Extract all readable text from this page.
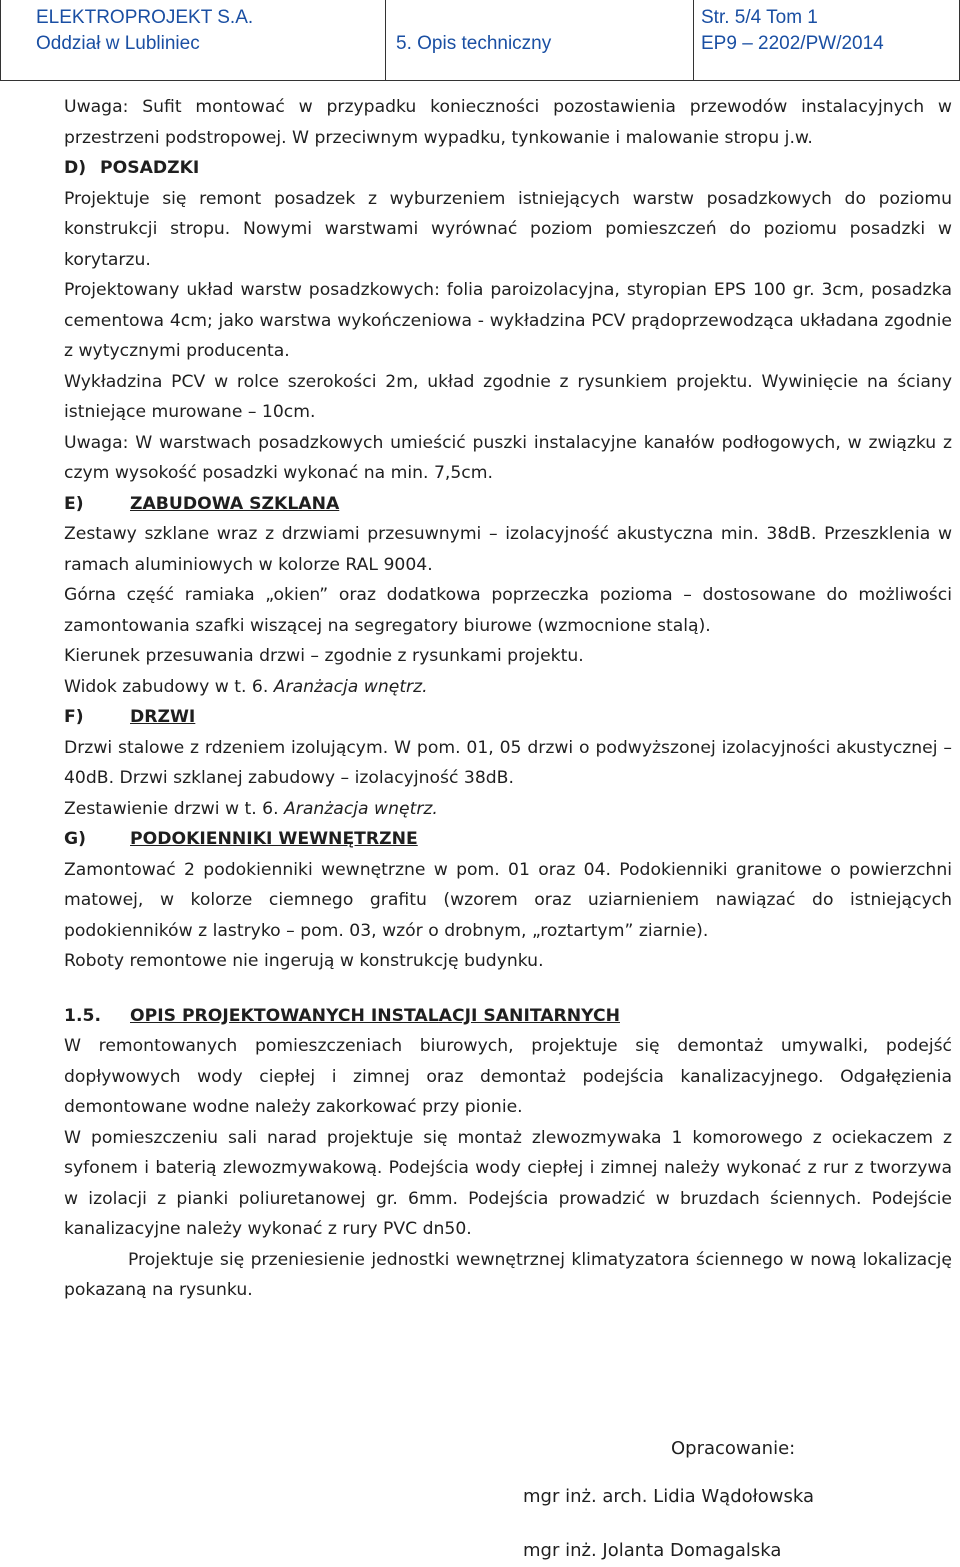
ELEKTROPROJEKT S.A.
Oddział w Lubliniec	5. Opis techniczny
Str. 5/4 Tom 1
EP9 – 2202/PW/2014

Uwaga: Sufit montować w przypadku konieczności pozostawienia przewodów instalacyjnych w przestrzeni podstropowej. W przeciwnym wypadku, tynkowanie i malowanie stropu j.w.

D) POSADZKI

Projektuje się remont posadzek z wyburzeniem istniejących warstw posadzkowych do poziomu konstrukcji stropu. Nowymi warstwami wyrównać poziom pomieszczeń do poziomu posadzki w korytarzu.

Projektowany układ warstw posadzkowych: folia paroizolacyjna, styropian EPS 100 gr. 3cm, posadzka cementowa 4cm; jako warstwa wykończeniowa - wykładzina PCV prądoprzewodząca układana zgodnie z wytycznymi producenta.

Wykładzina PCV w rolce szerokości 2m, układ zgodnie z rysunkiem projektu. Wywinięcie na ściany istniejące murowane – 10cm.

Uwaga: W warstwach posadzkowych umieścić puszki instalacyjne kanałów podłogowych, w związku z czym wysokość posadzki wykonać na min. 7,5cm.

E)	ZABUDOWA SZKLANA

Zestawy szklane wraz z drzwiami przesuwnymi – izolacyjność akustyczna min. 38dB. Przeszklenia w ramach aluminiowych w kolorze RAL 9004.

Górna część ramiaka „okien” oraz dodatkowa poprzeczka pozioma – dostosowane do możliwości zamontowania szafki wiszącej na segregatory biurowe (wzmocnione stalą).

Kierunek przesuwania drzwi – zgodnie z rysunkami projektu.

Widok zabudowy w t. 6. Aranżacja wnętrz.

F)	DRZWI

Drzwi stalowe z rdzeniem izolującym. W pom. 01, 05 drzwi o podwyższonej izolacyjności akustycznej – 40dB. Drzwi szklanej zabudowy – izolacyjność 38dB.

Zestawienie drzwi w t. 6. Aranżacja wnętrz.

G)	PODOKIENNIKI WEWNĘTRZNE

Zamontować 2 podokienniki wewnętrzne w pom. 01 oraz 04. Podokienniki granitowe o powierzchni matowej, w kolorze ciemnego grafitu (wzorem oraz uziarnieniem nawiązać do istniejących podokienników z lastryko – pom. 03, wzór o drobnym, „roztartym” ziarnie).

Roboty remontowe nie ingerują w konstrukcję budynku.

1.5. OPIS PROJEKTOWANYCH INSTALACJI SANITARNYCH

W remontowanych pomieszczeniach biurowych, projektuje się demontaż umywalki, podejść dopływowych wody ciepłej i zimnej oraz demontaż podejścia kanalizacyjnego. Odgałęzienia demontowane wodne należy zakorkować przy pionie.

W pomieszczeniu sali narad projektuje się montaż zlewozmywaka 1 komorowego z ociekaczem z syfonem i baterią zlewozmywakową. Podejścia wody ciepłej i zimnej należy wykonać z rur z tworzywa w izolacji z pianki poliuretanowej gr. 6mm. Podejścia prowadzić w bruzdach ściennych. Podejście kanalizacyjne należy wykonać z rury PVC dn50.

Projektuje się przeniesienie jednostki wewnętrznej klimatyzatora ściennego w nową lokalizację pokazaną na rysunku.

Opracowanie:
mgr inż. arch. Lidia Wądołowska
mgr inż. Jolanta Domagalska
